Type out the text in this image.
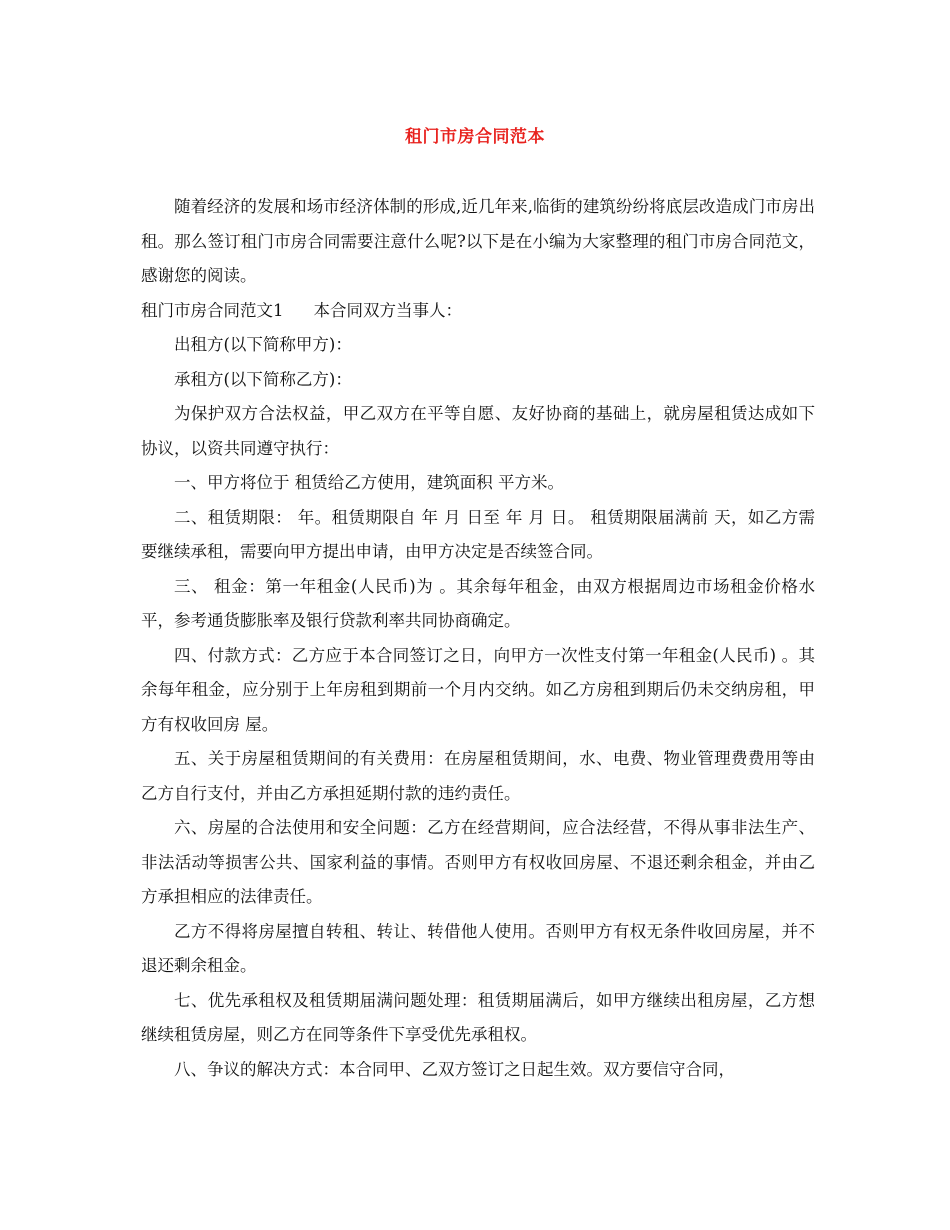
租门市房合同范本

随着经济的发展和场市经济体制的形成,近几年来,临街的建筑纷纷将底层改造成门市房出租。那么签订租门市房合同需要注意什么呢?以下是在小编为大家整理的租门市房合同范文，感谢您的阅读。

租门市房合同范文1 本合同双方当事人：

出租方(以下简称甲方)：

承租方(以下简称乙方)：

为保护双方合法权益，甲乙双方在平等自愿、友好协商的基础上，就房屋租赁达成如下协议，以资共同遵守执行：

一、甲方将位于 租赁给乙方使用，建筑面积 平方米。

二、租赁期限： 年。租赁期限自 年 月 日至 年 月 日。 租赁期限届满前 天，如乙方需要继续承租，需要向甲方提出申请，由甲方决定是否续签合同。

三、 租金：第一年租金(人民币)为 。其余每年租金，由双方根据周边市场租金价格水平，参考通货膨胀率及银行贷款利率共同协商确定。

四、付款方式：乙方应于本合同签订之日，向甲方一次性支付第一年租金(人民币) 。其余每年租金，应分别于上年房租到期前一个月内交纳。如乙方房租到期后仍未交纳房租，甲方有权收回房 屋。

五、关于房屋租赁期间的有关费用：在房屋租赁期间，水、电费、物业管理费费用等由乙方自行支付，并由乙方承担延期付款的违约责任。

六、房屋的合法使用和安全问题：乙方在经营期间，应合法经营，不得从事非法生产、非法活动等损害公共、国家利益的事情。否则甲方有权收回房屋、不退还剩余租金，并由乙方承担相应的法律责任。

乙方不得将房屋擅自转租、转让、转借他人使用。否则甲方有权无条件收回房屋，并不退还剩余租金。

七、优先承租权及租赁期届满问题处理：租赁期届满后，如甲方继续出租房屋，乙方想继续租赁房屋，则乙方在同等条件下享受优先承租权。

八、争议的解决方式：本合同甲、乙双方签订之日起生效。双方要信守合同，
